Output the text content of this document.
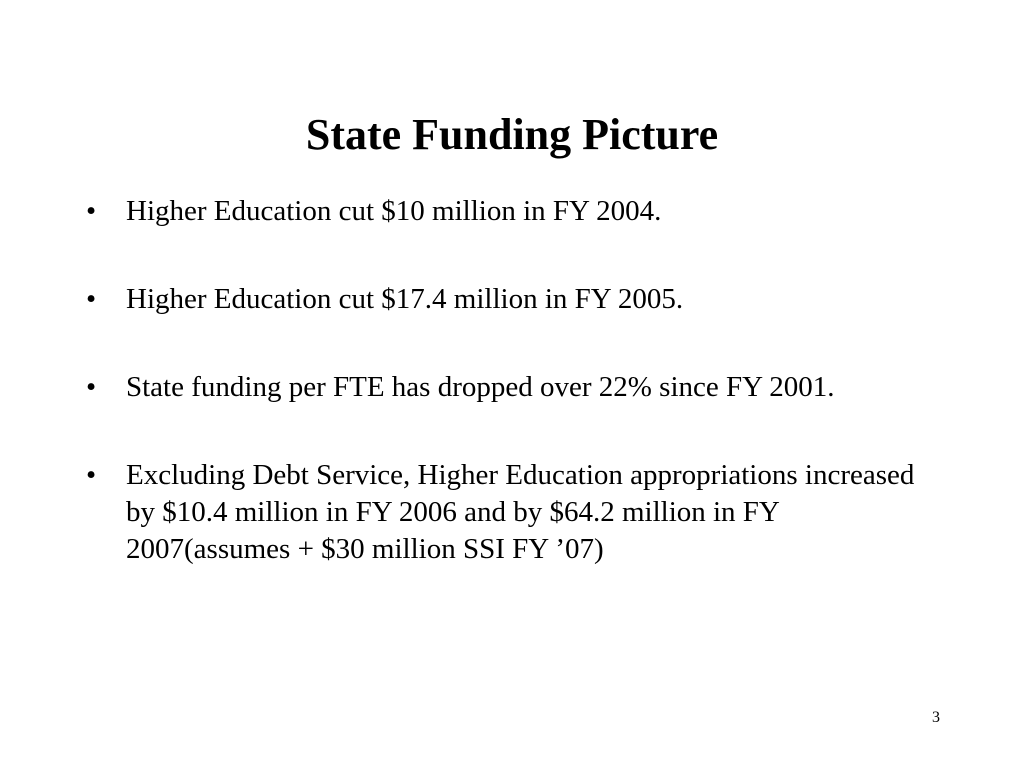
State Funding Picture
•	Higher Education cut $10 million in FY 2004.
•	Higher Education cut $17.4 million in FY 2005.
•	State funding per FTE has dropped over 22% since FY 2001.
•	Excluding Debt Service, Higher Education appropriations increased by $10.4 million in FY 2006 and by $64.2 million in FY 2007(assumes + $30 million SSI FY ’07)
3
